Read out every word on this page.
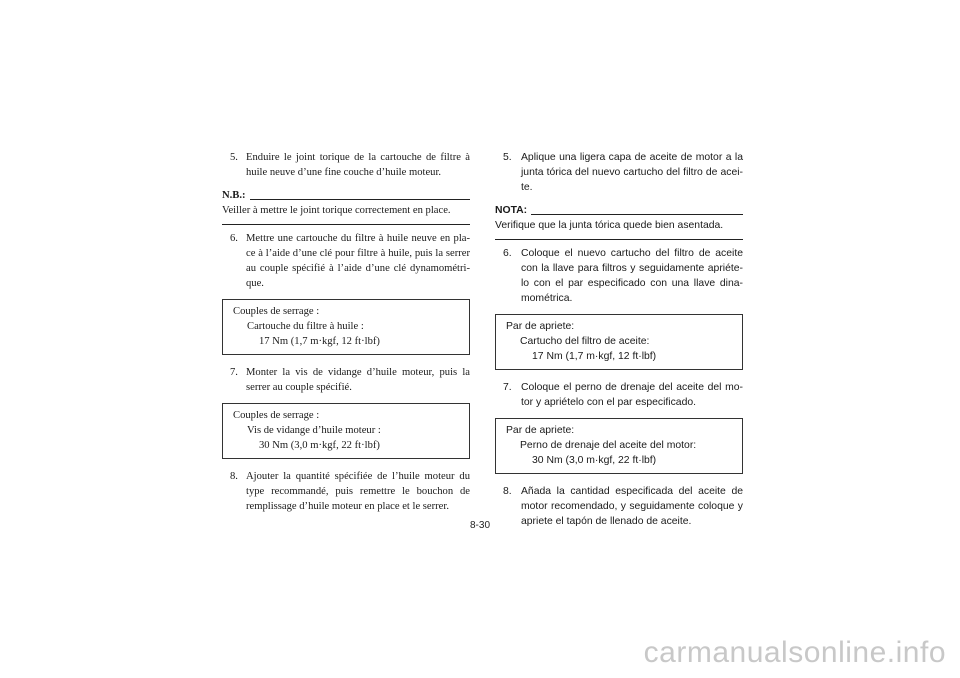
5. Enduire le joint torique de la cartouche de filtre à huile neuve d’une fine couche d’huile moteur.
N.B.:
Veiller à mettre le joint torique correctement en place.
6. Mettre une cartouche du filtre à huile neuve en pla-ce à l’aide d’une clé pour filtre à huile, puis la serrer au couple spécifié à l’aide d’une clé dynamométri-que.
Couples de serrage :
Cartouche du filtre à huile :
17 Nm (1,7 m·kgf, 12 ft·lbf)
7. Monter la vis de vidange d’huile moteur, puis la serrer au couple spécifié.
Couples de serrage :
Vis de vidange d’huile moteur :
30 Nm (3,0 m·kgf, 22 ft·lbf)
8. Ajouter la quantité spécifiée de l’huile moteur du type recommandé, puis remettre le bouchon de remplissage d’huile moteur en place et le serrer.
5. Aplique una ligera capa de aceite de motor a la junta tórica del nuevo cartucho del filtro de acei-te.
NOTA:
Verifique que la junta tórica quede bien asentada.
6. Coloque el nuevo cartucho del filtro de aceite con la llave para filtros y seguidamente apriéte-lo con el par especificado con una llave dina-mométrica.
Par de apriete:
Cartucho del filtro de aceite:
17 Nm (1,7 m·kgf, 12 ft·lbf)
7. Coloque el perno de drenaje del aceite del mo-tor y apriételo con el par especificado.
Par de apriete:
Perno de drenaje del aceite del motor:
30 Nm (3,0 m·kgf, 22 ft·lbf)
8. Añada la cantidad especificada del aceite de motor recomendado, y seguidamente coloque y apriete el tapón de llenado de aceite.
8-30
carmanualsonline.info
